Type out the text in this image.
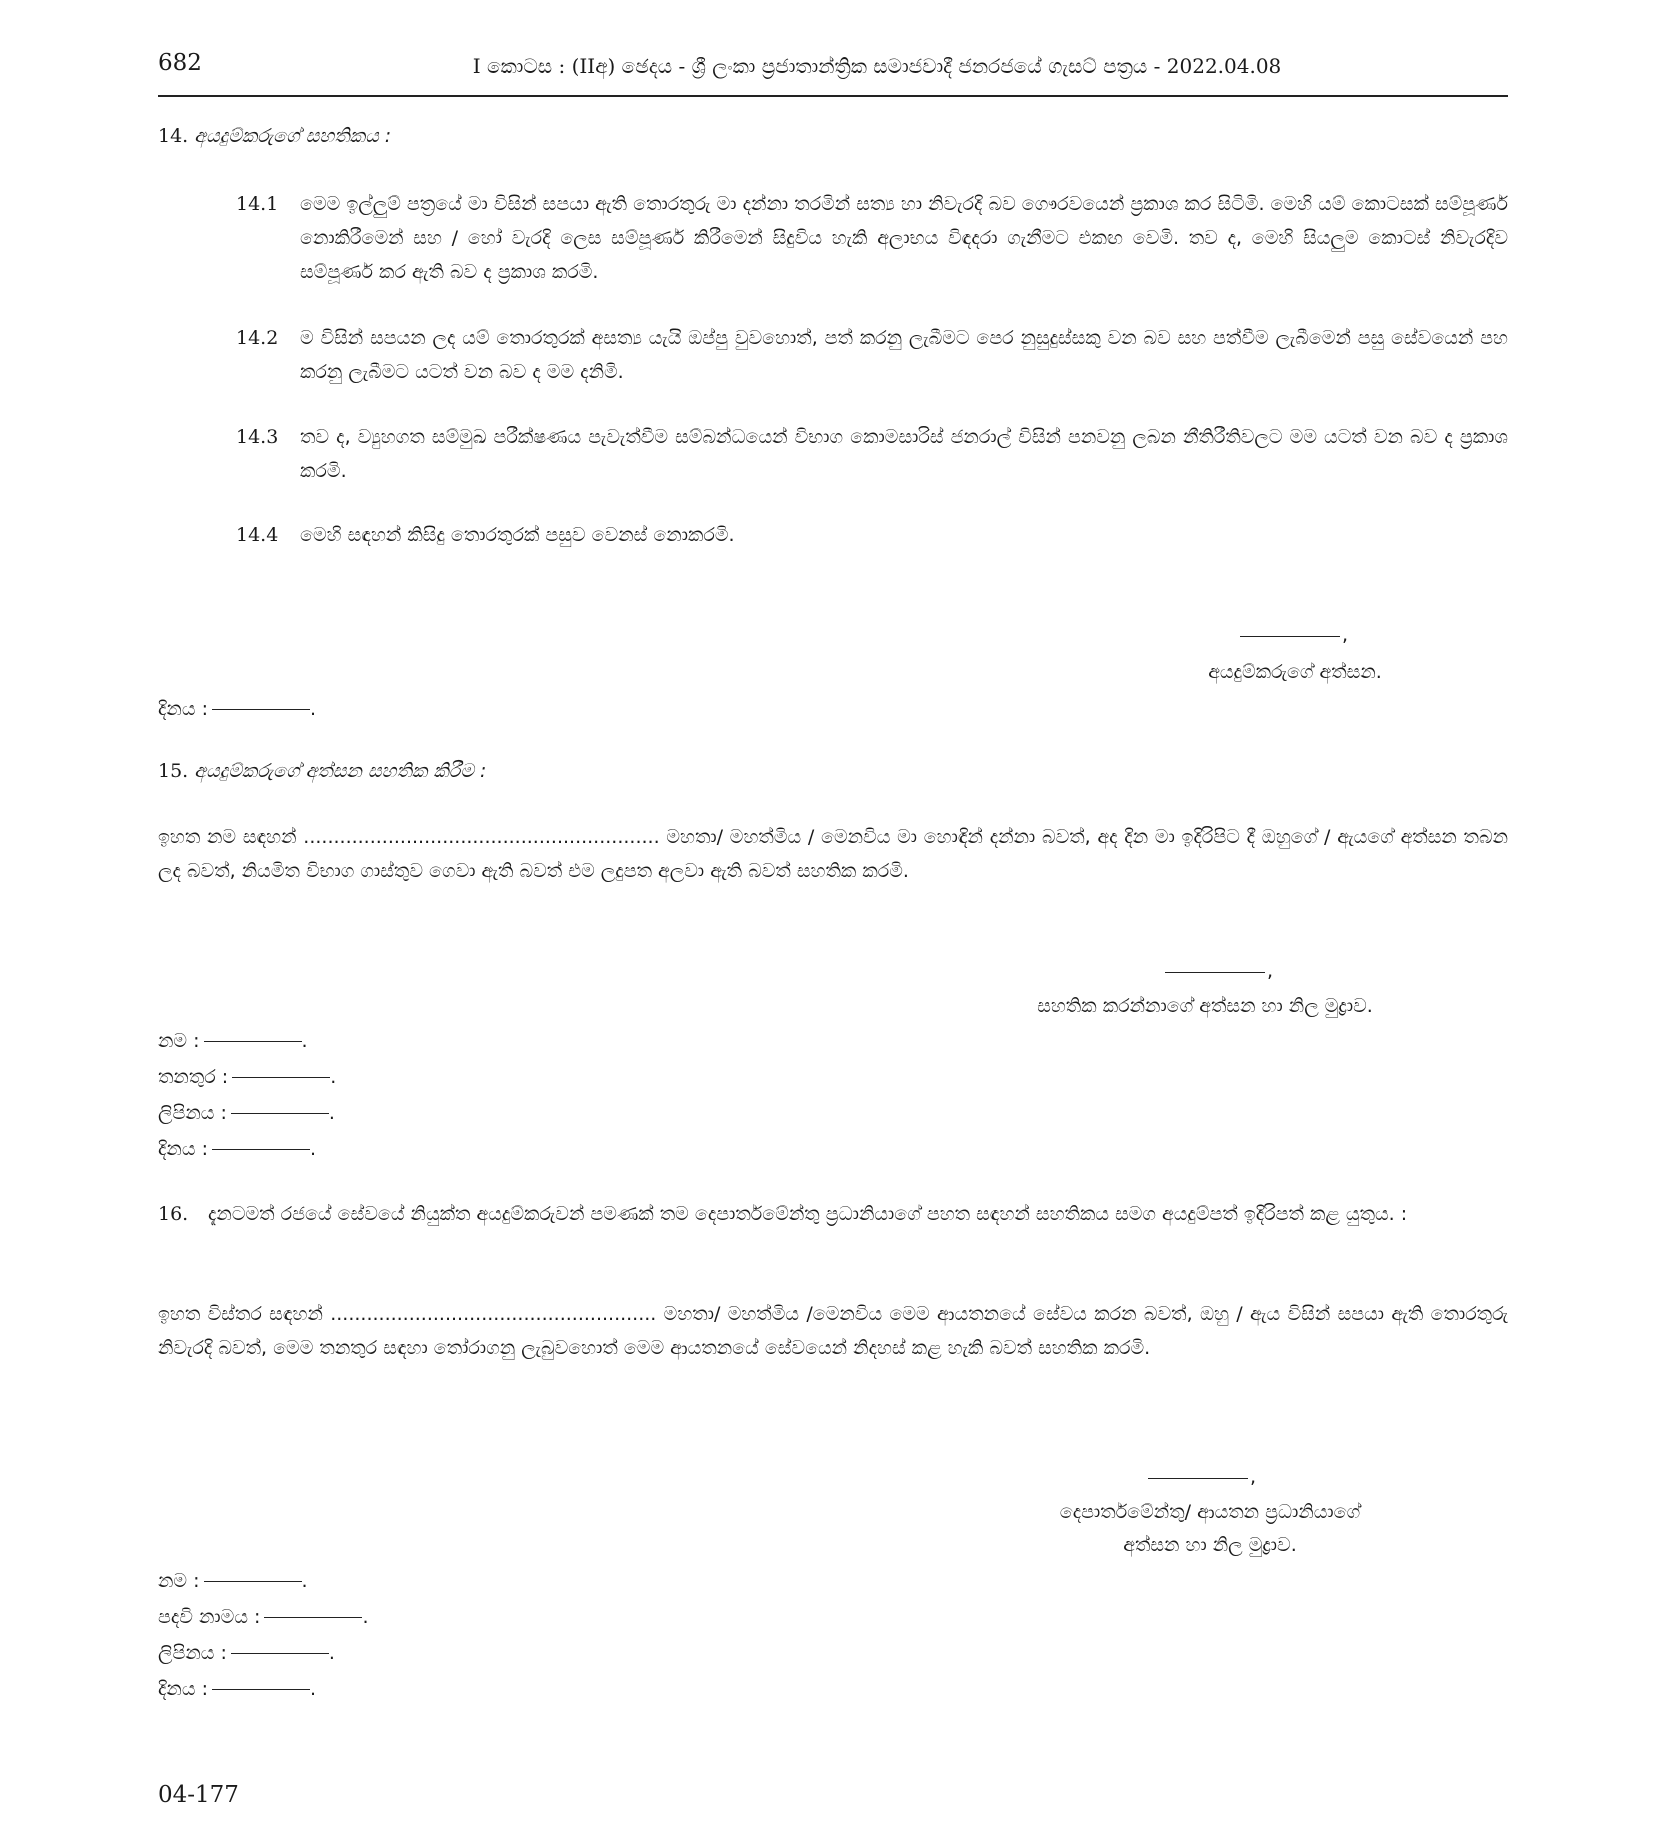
682	I කොටස : (IIඅ) ඡෙදය - ශ්‍රී ලංකා ප්‍රජාතාන්ත්‍රික සමාජවාදී ජනරජයේ ගැසට් පත්‍රය - 2022.04.08
14. අයදුම්කරුගේ සහතිකය :
14.1 මෙම ඉල්ලුම් පත්‍රයේ මා විසින් සපයා ඇති තොරතුරු මා දන්නා තරමින් සත්‍ය හා නිවැරදි බව ගෞරවයෙන් ප්‍රකාශ කර සිටිමි. මෙහි යම් කොටසක් සම්පූර්ණ නොකිරීමෙන් සහ / හෝ වැරදි ලෙස සම්පූර්ණ කිරීමෙන් සිදුවිය හැකි අලාභය විඳදරා ගැනීමට එකඟ වෙමි. තව ද, මෙහි සියලුම කොටස් නිවැරදිව සම්පූර්ණ කර ඇති බව ද ප්‍රකාශ කරමි.
14.2 ම විසින් සපයන ලද යම් තොරතුරක් අසත්‍ය යැයි ඔප්පු වුවහොත්, පත් කරනු ලැබීමට පෙර නුසුදුස්සකු වන බව සහ පත්වීම ලැබීමෙන් පසු සේවයෙන් පහ කරනු ලැබීමට යටත් වන බව ද මම දනිමි.
14.3 තව ද, ව්‍යුහගත සම්මුඛ පරීක්ෂණය පැවැත්වීම සම්බන්ධයෙන් විභාග කොමසාරිස් ජනරාල් විසින් පනවනු ලබන නීතිරීතිවලට මම යටත් වන බව ද ප්‍රකාශ කරමි.
14.4 මෙහි සඳහන් කිසිදු තොරතුරක් පසුව වෙනස් නොකරමි.
,
අයදුම්කරුගේ අත්සන.
දිනය :	.
15. අයදුම්කරුගේ අත්සන සහතික කිරීම :
ඉහත නම සඳහන් ........................................................... මහතා/ මහත්මිය / මෙනවිය මා හොඳින් දන්නා බවත්, අද දින මා ඉදිරිපිට දී ඔහුගේ / ඇයගේ අත්සන තබන ලද බවත්, නියමිත විභාග ගාස්තුව ගෙවා ඇති බවත් එම ලදුපත අලවා ඇති බවත් සහතික කරමි.
,
සහතික කරන්නාගේ අත්සන හා නිල මුද්‍රාව.
නම :	.
තනතුර :	.
ලිපිනය :	.
දිනය :	.
16. දැනටමත් රජයේ සේවයේ නියුක්ත අයදුම්කරුවන් පමණක් තම දෙපාර්තමේන්තු ප්‍රධානියාගේ පහත සඳහන් සහතිකය සමග අයදුම්පත් ඉදිරිපත් කළ යුතුය. :
ඉහත විස්තර සඳහන් ...................................................... මහතා/ මහත්මිය /මෙනවිය මෙම ආයතනයේ සේවය කරන බවත්, ඔහු / ඇය විසින් සපයා ඇති තොරතුරු නිවැරදි බවත්, මෙම තනතුර සඳහා තෝරාගනු ලැබුවහොත් මෙම ආයතනයේ සේවයෙන් නිදහස් කළ හැකි බවත් සහතික කරමි.
,
දෙපාර්තමේන්තු/ ආයතන ප්‍රධානියාගේ
අත්සන හා නිල මුද්‍රාව.
නම :	.
පදවි නාමය :	.
ලිපිනය :	.
දිනය :	.
04-177
